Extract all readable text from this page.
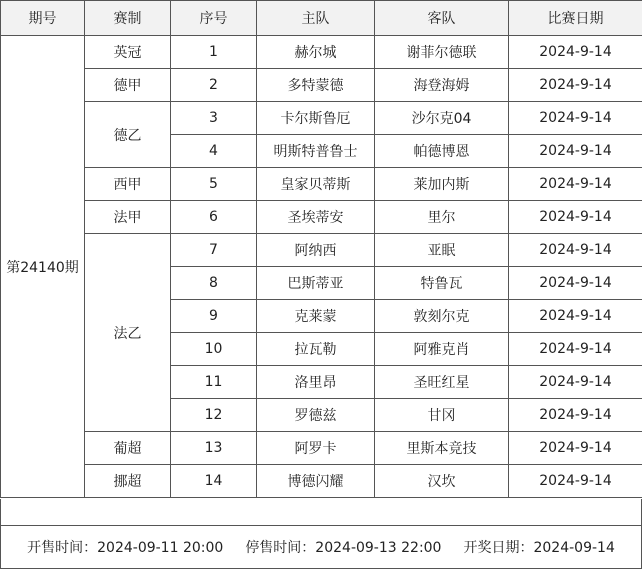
期号	赛制	序号	主队	客队	比赛日期
第24140期	英冠	1	赫尔城	谢菲尔德联	2024-9-14
	德甲	2	多特蒙德	海登海姆	2024-9-14
	德乙	3	卡尔斯鲁厄	沙尔克04	2024-9-14
		4	明斯特普鲁士	帕德博恩	2024-9-14
	西甲	5	皇家贝蒂斯	莱加内斯	2024-9-14
	法甲	6	圣埃蒂安	里尔	2024-9-14
	法乙	7	阿纳西	亚眠	2024-9-14
		8	巴斯蒂亚	特鲁瓦	2024-9-14
		9	克莱蒙	敦刻尔克	2024-9-14
		10	拉瓦勒	阿雅克肖	2024-9-14
		11	洛里昂	圣旺红星	2024-9-14
		12	罗德兹	甘冈	2024-9-14
	葡超	13	阿罗卡	里斯本竞技	2024-9-14
	挪超	14	博德闪耀	汉坎	2024-9-14
开售时间：2024-09-11 20:00 停售时间：2024-09-13 22:00 开奖日期：2024-09-14
